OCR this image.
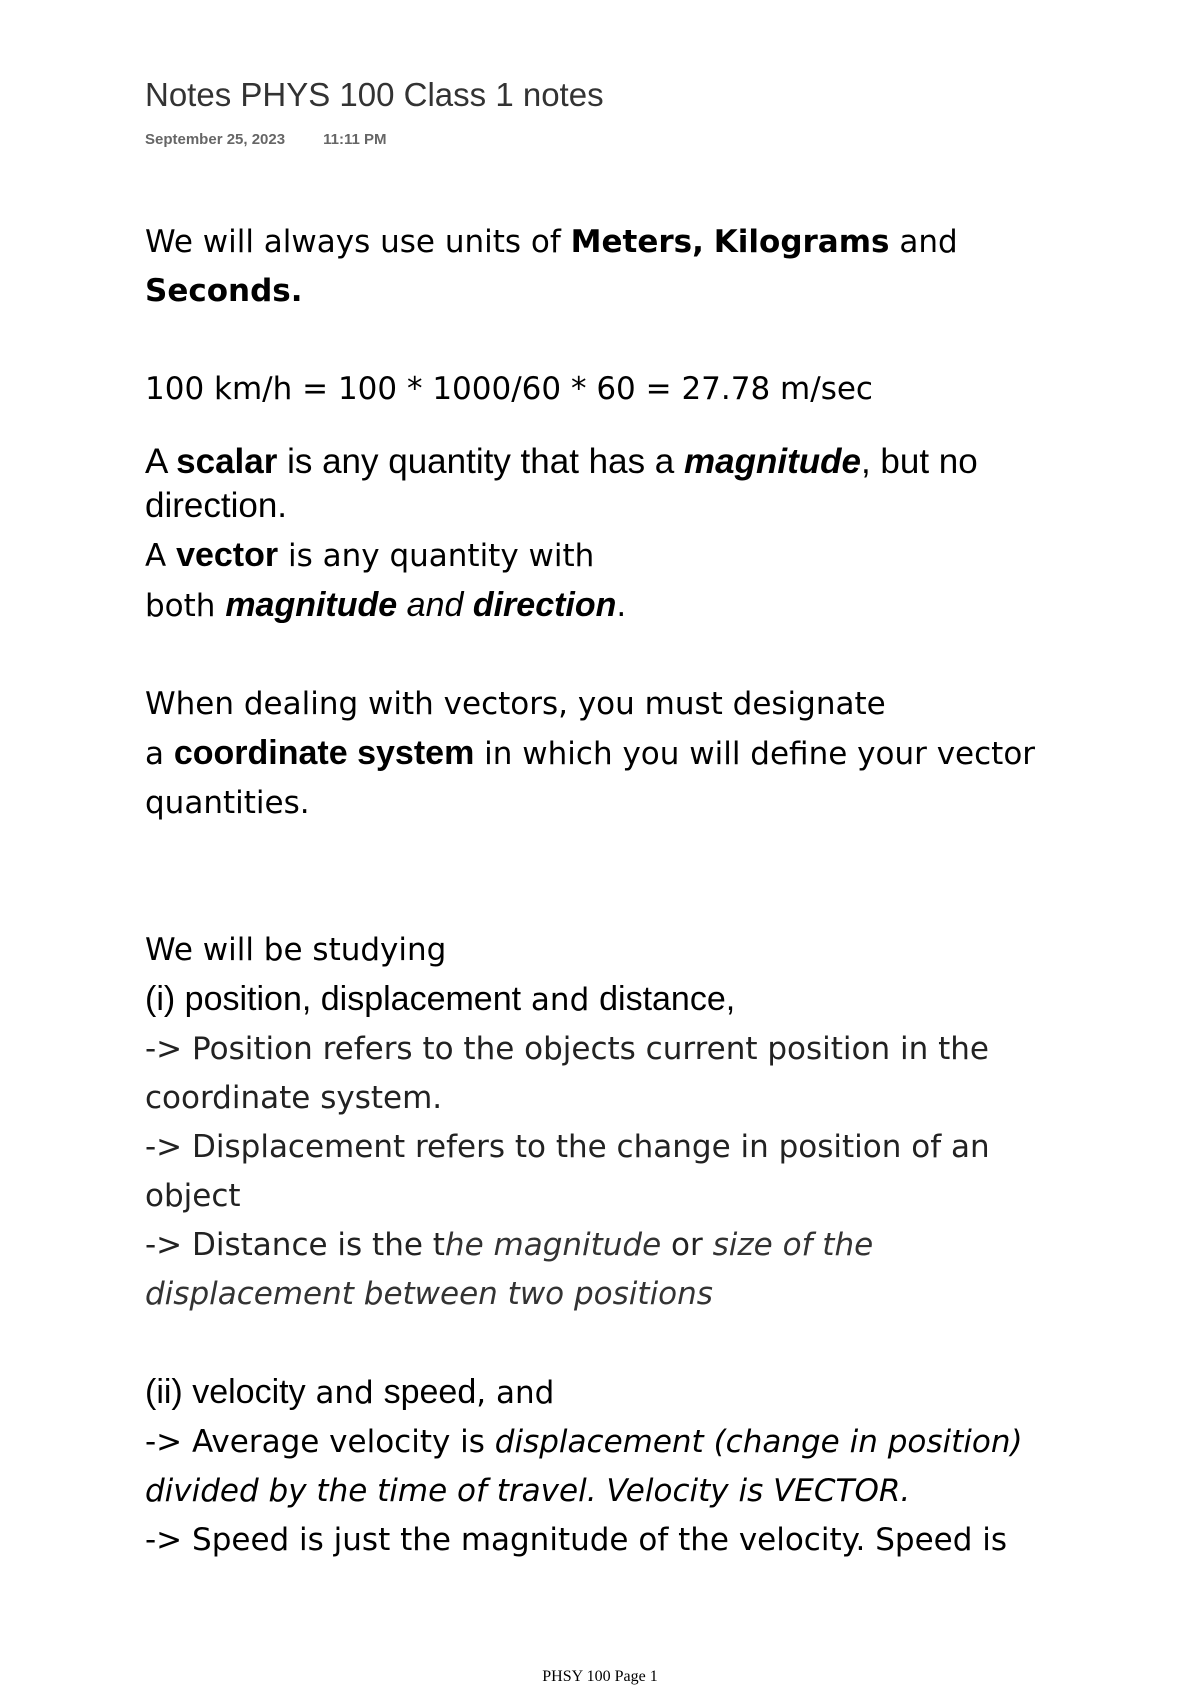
Notes PHYS 100 Class 1 notes
September 25, 2023	11:11 PM

We will always use units of Meters, Kilograms and
Seconds.

100 km/h = 100 * 1000/60 * 60 = 27.78 m/sec

A scalar is any quantity that has a magnitude, but no direction.

A vector is any quantity with
both magnitude and direction.

When dealing with vectors, you must designate
a coordinate system in which you will define your vector quantities.

We will be studying

(i) position, displacement and distance,

-> Position refers to the objects current position in the coordinate system.

-> Displacement refers to the change in position of an object

-> Distance is the the magnitude or size of the displacement between two positions

(ii) velocity and speed, and

-> Average velocity is displacement (change in position) divided by the time of travel. Velocity is VECTOR.

-> Speed is just the magnitude of the velocity. Speed is

PHSY 100 Page 1
